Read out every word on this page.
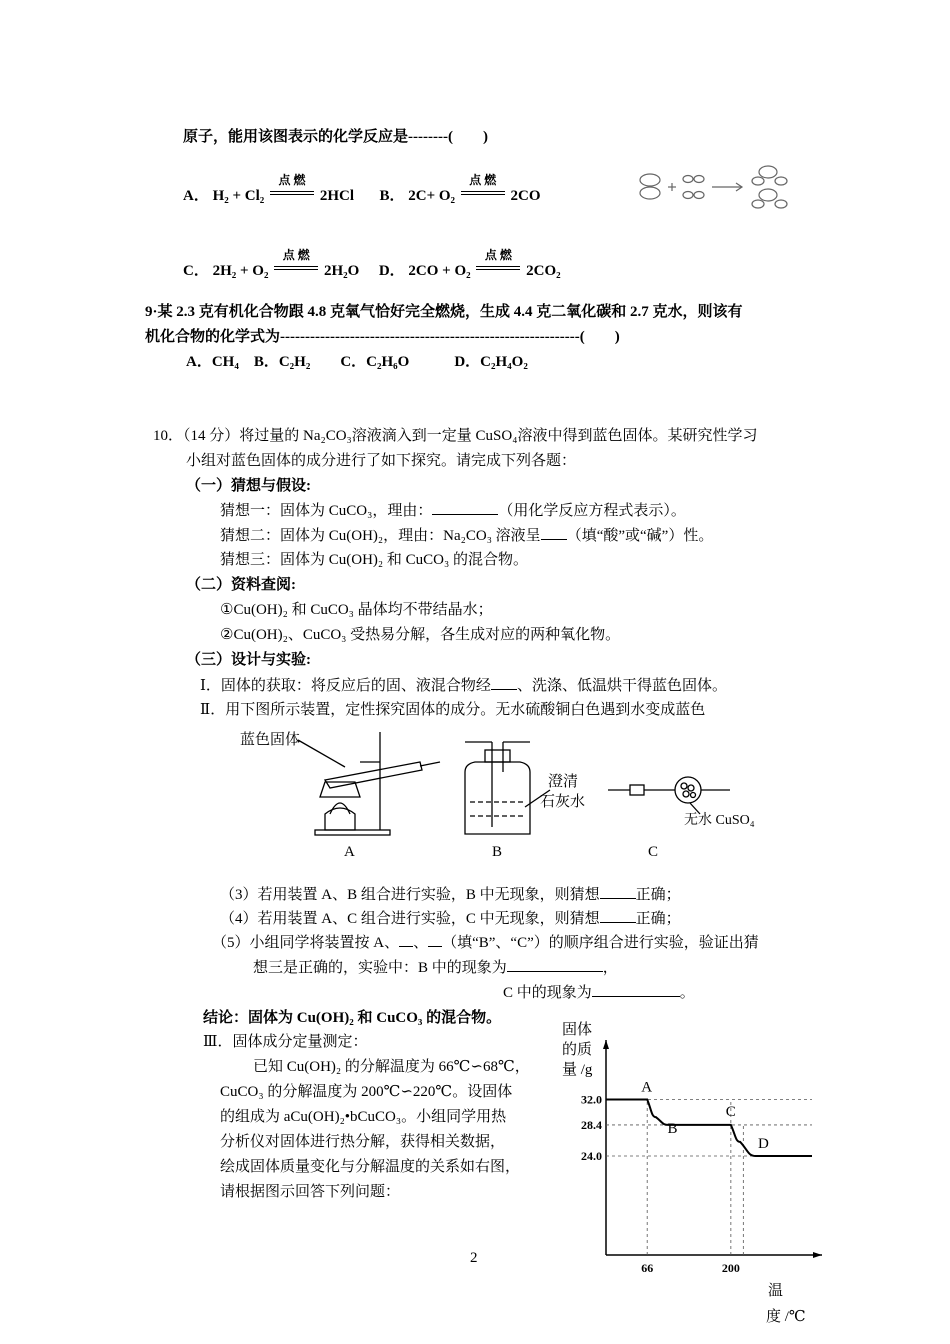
原子，能用该图表示的化学反应是--------(　　)
A． H₂ + Cl₂
点 燃
2HCl B． 2C+ O₂
点 燃
2CO
C． 2H₂ + O₂
点 燃
2H₂O D． 2CO + O₂
点 燃
2CO₂
9·某 2.3 克有机化合物跟 4.8 克氧气恰好完全燃烧，生成 4.4 克二氧化碳和 2.7 克水，则该有
机化合物的化学式为------------------------------------------------------------(　　)
A．CH₄　B．C₂H₂　　C．C₂H₆O　　　D．C₂H₄O₂
10．（14 分）将过量的 Na₂CO₃溶液滴入到一定量 CuSO₄溶液中得到蓝色固体。某研究性学习
小组对蓝色固体的成分进行了如下探究。请完成下列各题：
（一）猜想与假设:
猜想一：固体为 CuCO₃，理由：	（用化学反应方程式表示）。
猜想二：固体为 Cu(OH)₂，理由：Na₂CO₃ 溶液呈 （填“酸”或“碱”）性。
猜想三：固体为 Cu(OH)₂ 和 CuCO₃ 的混合物。
（二）资料查阅:
①Cu(OH)₂ 和 CuCO₃ 晶体均不带结晶水；
②Cu(OH)₂、CuCO₃ 受热易分解，各生成对应的两种氧化物。
（三）设计与实验:
Ⅰ．固体的获取：将反应后的固、液混合物经 、洗涤、低温烘干得蓝色固体。
Ⅱ．用下图所示装置，定性探究固体的成分。无水硫酸铜白色遇到水变成蓝色
蓝色固体
澄清
石灰水
无水 CuSO₄
A	B	C
（3）若用装置 A、B 组合进行实验，B 中无现象，则猜想 正确；
（4）若用装置 A、C 组合进行实验，C 中无现象，则猜想 正确；
（5）小组同学将装置按 A、 、 （填“B”、“C”）的顺序组合进行实验，验证出猜
想三是正确的，实验中：B 中的现象为	，
C 中的现象为	。
结论：固体为 Cu(OH)₂ 和 CuCO₃ 的混合物。
Ⅲ．固体成分定量测定：
已知 Cu(OH)₂ 的分解温度为 66℃∽68℃，
CuCO₃ 的分解温度为 200℃∽220℃。设固体
的组成为 aCu(OH)₂•bCuCO₃。小组同学用热
分析仪对固体进行热分解，获得相关数据，
绘成固体质量变化与分解温度的关系如右图，
请根据图示回答下列问题：
固体
的质
量 /g
温
度 /℃
32.0
28.4
24.0
66	200
A
B
C
D
2
